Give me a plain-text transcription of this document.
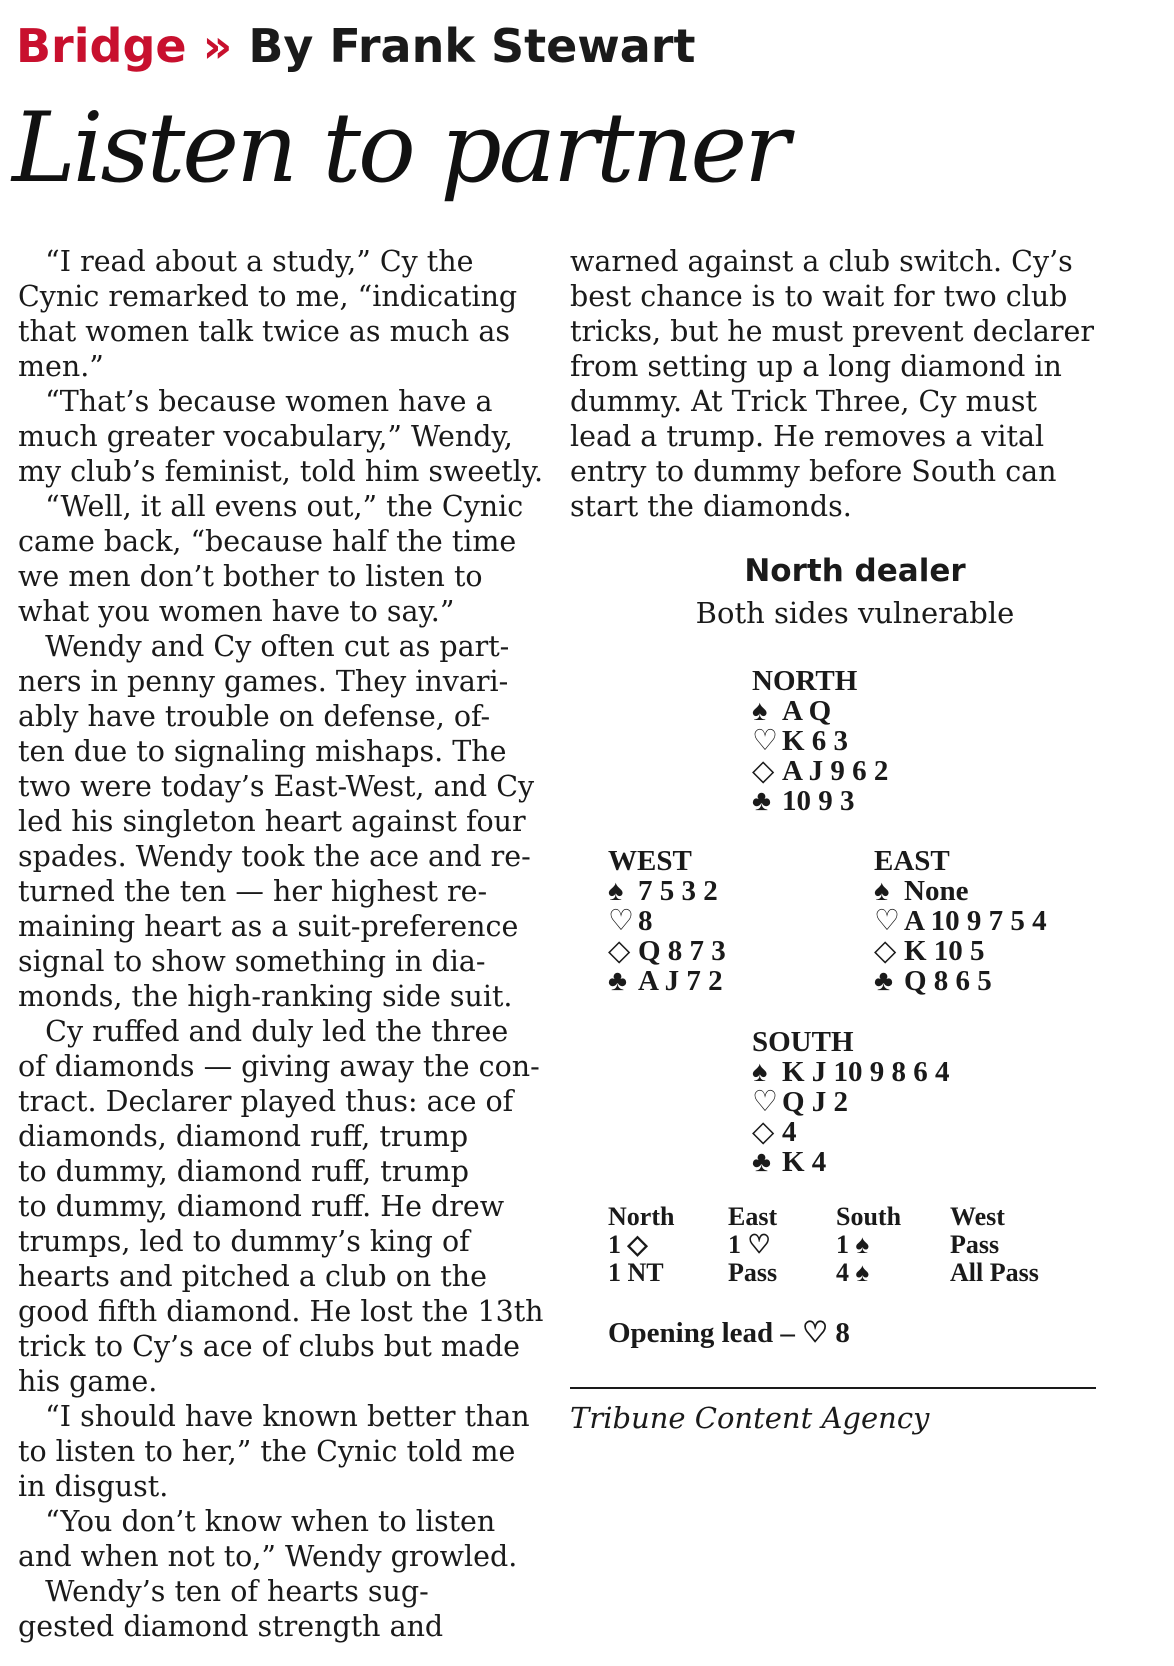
Bridge » By Frank Stewart
Listen to partner
“I read about a study,” Cy the
Cynic remarked to me, “indicating
that women talk twice as much as
men.”
“That’s because women have a
much greater vocabulary,” Wendy,
my club’s feminist, told him sweetly.
“Well, it all evens out,” the Cynic
came back, “because half the time
we men don’t bother to listen to
what you women have to say.”
Wendy and Cy often cut as part-
ners in penny games. They invari-
ably have trouble on defense, of-
ten due to signaling mishaps. The
two were today’s East-West, and Cy
led his singleton heart against four
spades. Wendy took the ace and re-
turned the ten — her highest re-
maining heart as a suit-preference
signal to show something in dia-
monds, the high-ranking side suit.
Cy ruffed and duly led the three
of diamonds — giving away the con-
tract. Declarer played thus: ace of
diamonds, diamond ruff, trump
to dummy, diamond ruff, trump
to dummy, diamond ruff. He drew
trumps, led to dummy’s king of
hearts and pitched a club on the
good fifth diamond. He lost the 13th
trick to Cy’s ace of clubs but made
his game.
“I should have known better than
to listen to her,” the Cynic told me
in disgust.
“You don’t know when to listen
and when not to,” Wendy growled.
Wendy’s ten of hearts sug-
gested diamond strength and
warned against a club switch. Cy’s
best chance is to wait for two club
tricks, but he must prevent declarer
from setting up a long diamond in
dummy. At Trick Three, Cy must
lead a trump. He removes a vital
entry to dummy before South can
start the diamonds.
North dealer
Both sides vulnerable
NORTH
♠ A Q
♡ K 6 3
◇ A J 9 6 2
♣ 10 9 3
WEST
♠ 7 5 3 2
♡ 8
◇ Q 8 7 3
♣ A J 7 2
EAST
♠ None
♡ A 10 9 7 5 4
◇ K 10 5
♣ Q 8 6 5
SOUTH
♠ K J 10 9 8 6 4
♡ Q J 2
◇ 4
♣ K 4
North
1 ◇
1 NT
East
1 ♡
Pass
South
1 ♠
4 ♠
West
Pass
All Pass
Opening lead – ♡ 8
Tribune Content Agency
